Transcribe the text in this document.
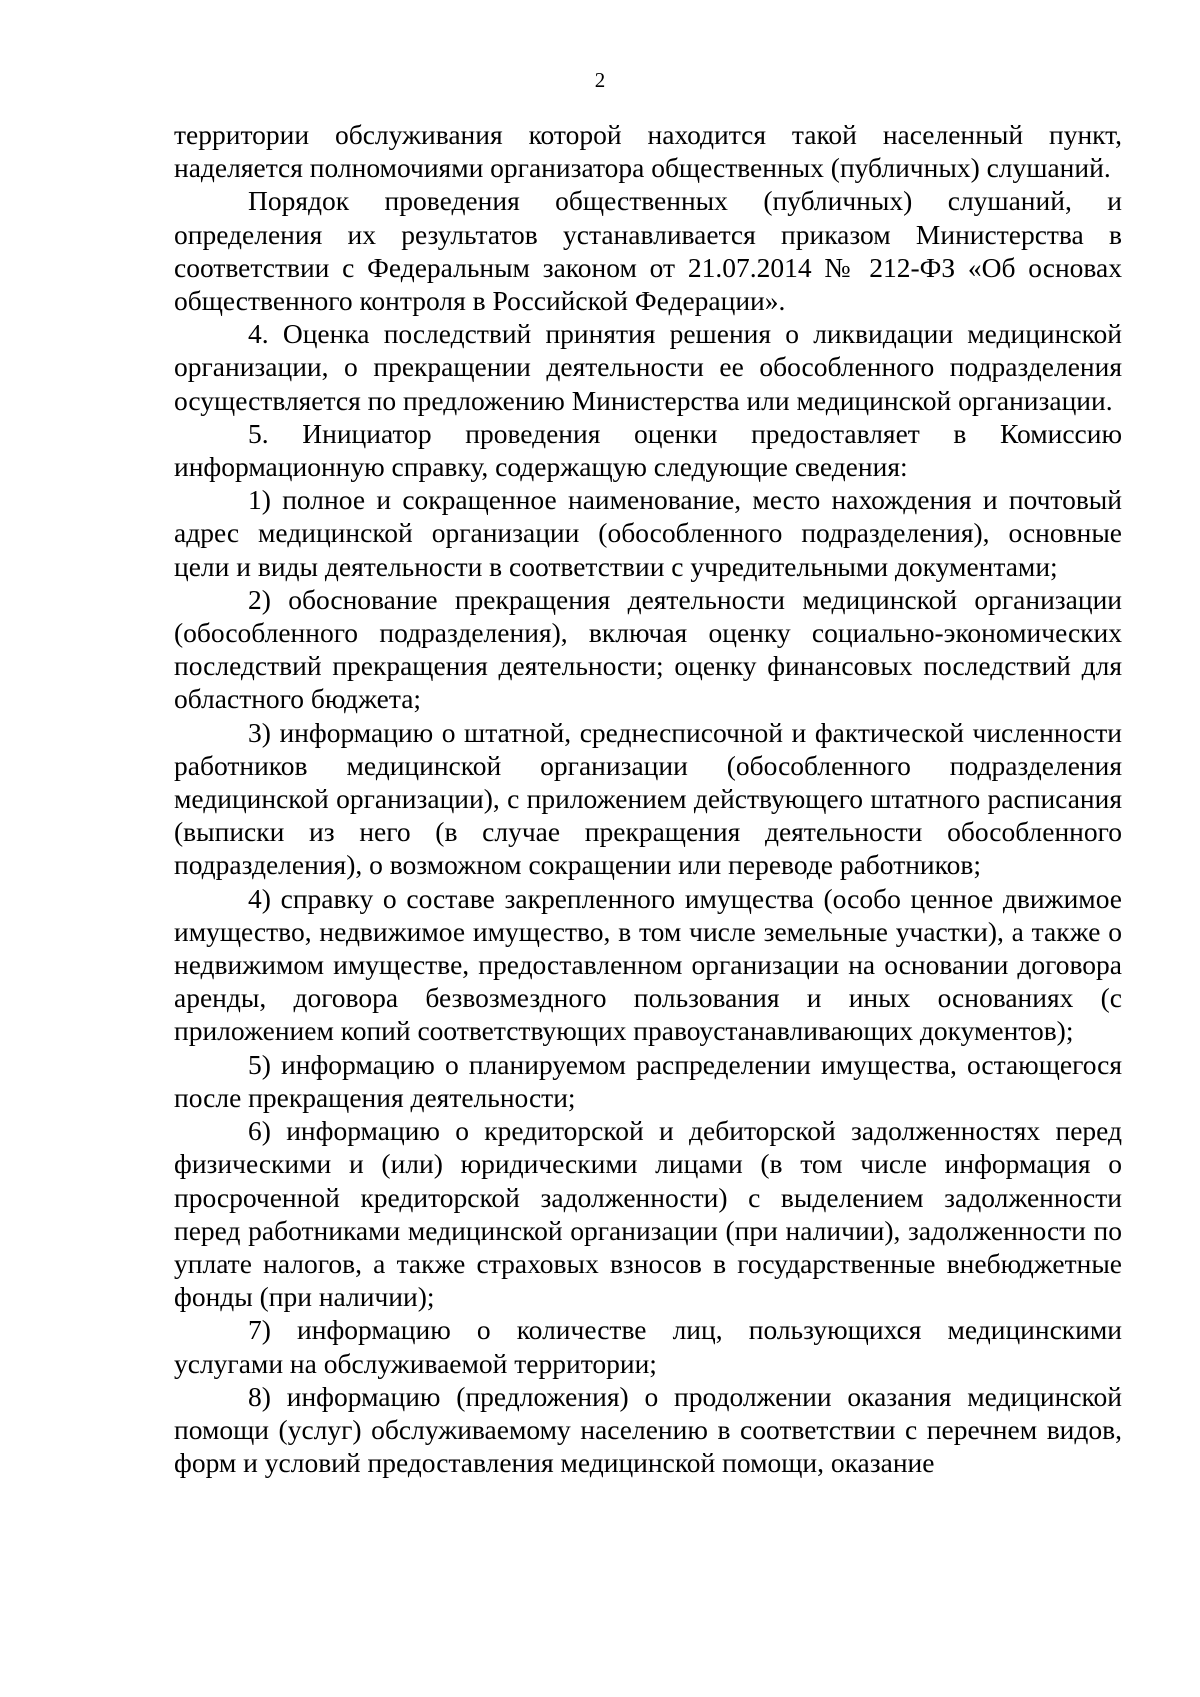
2

территории обслуживания которой находится такой населенный пункт, наделяется полномочиями организатора общественных (публичных) слушаний.

Порядок проведения общественных (публичных) слушаний, и определения их результатов устанавливается приказом Министерства в соответствии с Федеральным законом от 21.07.2014 № 212-ФЗ «Об основах общественного контроля в Российской Федерации».

4. Оценка последствий принятия решения о ликвидации медицинской организации, о прекращении деятельности ее обособленного подразделения осуществляется по предложению Министерства или медицинской организации.

5. Инициатор проведения оценки предоставляет в Комиссию информационную справку, содержащую следующие сведения:

1) полное и сокращенное наименование, место нахождения и почтовый адрес медицинской организации (обособленного подразделения), основные цели и виды деятельности в соответствии с учредительными документами;

2) обоснование прекращения деятельности медицинской организации (обособленного подразделения), включая оценку социально-экономических последствий прекращения деятельности; оценку финансовых последствий для областного бюджета;

3) информацию о штатной, среднесписочной и фактической численности работников медицинской организации (обособленного подразделения медицинской организации), с приложением действующего штатного расписания (выписки из него (в случае прекращения деятельности обособленного подразделения), о возможном сокращении или переводе работников;

4) справку о составе закрепленного имущества (особо ценное движимое имущество, недвижимое имущество, в том числе земельные участки), а также о недвижимом имуществе, предоставленном организации на основании договора аренды, договора безвозмездного пользования и иных основаниях (с приложением копий соответствующих правоустанавливающих документов);

5) информацию о планируемом распределении имущества, остающегося после прекращения деятельности;

6) информацию о кредиторской и дебиторской задолженностях перед физическими и (или) юридическими лицами (в том числе информация о просроченной кредиторской задолженности) с выделением задолженности перед работниками медицинской организации (при наличии), задолженности по уплате налогов, а также страховых взносов в государственные внебюджетные фонды (при наличии);

7) информацию о количестве лиц, пользующихся медицинскими услугами на обслуживаемой территории;

8) информацию (предложения) о продолжении оказания медицинской помощи (услуг) обслуживаемому населению в соответствии с перечнем видов, форм и условий предоставления медицинской помощи, оказание
